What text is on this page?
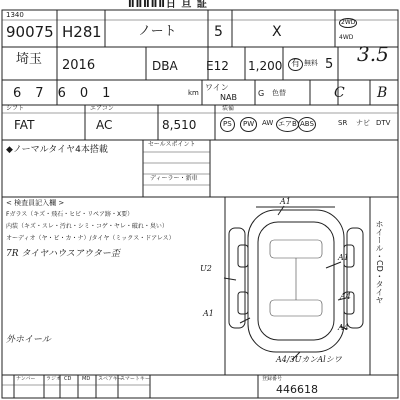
ⅡⅡⅡⅡⅡ日 旦 証
1340
90075 H28 1	ノート	5	X
2WD
4WD
埼玉 2016	DBA E12 1,200 有 無料 5 3.5
67601	km
ワイン
NAB	G 色替	C B
シフト	エアコン	装備
FAT	AC	8,510	PS	PW	AW エアB ABS	SR ナビ DTV
セールスポイント
◆ノーマルタイヤ4本搭載
ディーラー・新車
< 検査員記入欄 >
Fガラス（キズ・飛石・ヒビ・リペア跡・X要）
内装（キズ・スレ・汚れ・シミ・コゲ・ヤレ・破れ・臭い）
オーディオ（ヤ・ビ・カ・ナ）/タイヤ（ミックス・ドアレス）
7R タイヤハウスアウター歪
外ホイール
ホイール・CD・タイヤ
A1
A1
U2
A4
A1
A4
A4/3UカンAlシワ
ナンバー ラジオ CD MD スペアキー
スマートキー	登録番号
446618
